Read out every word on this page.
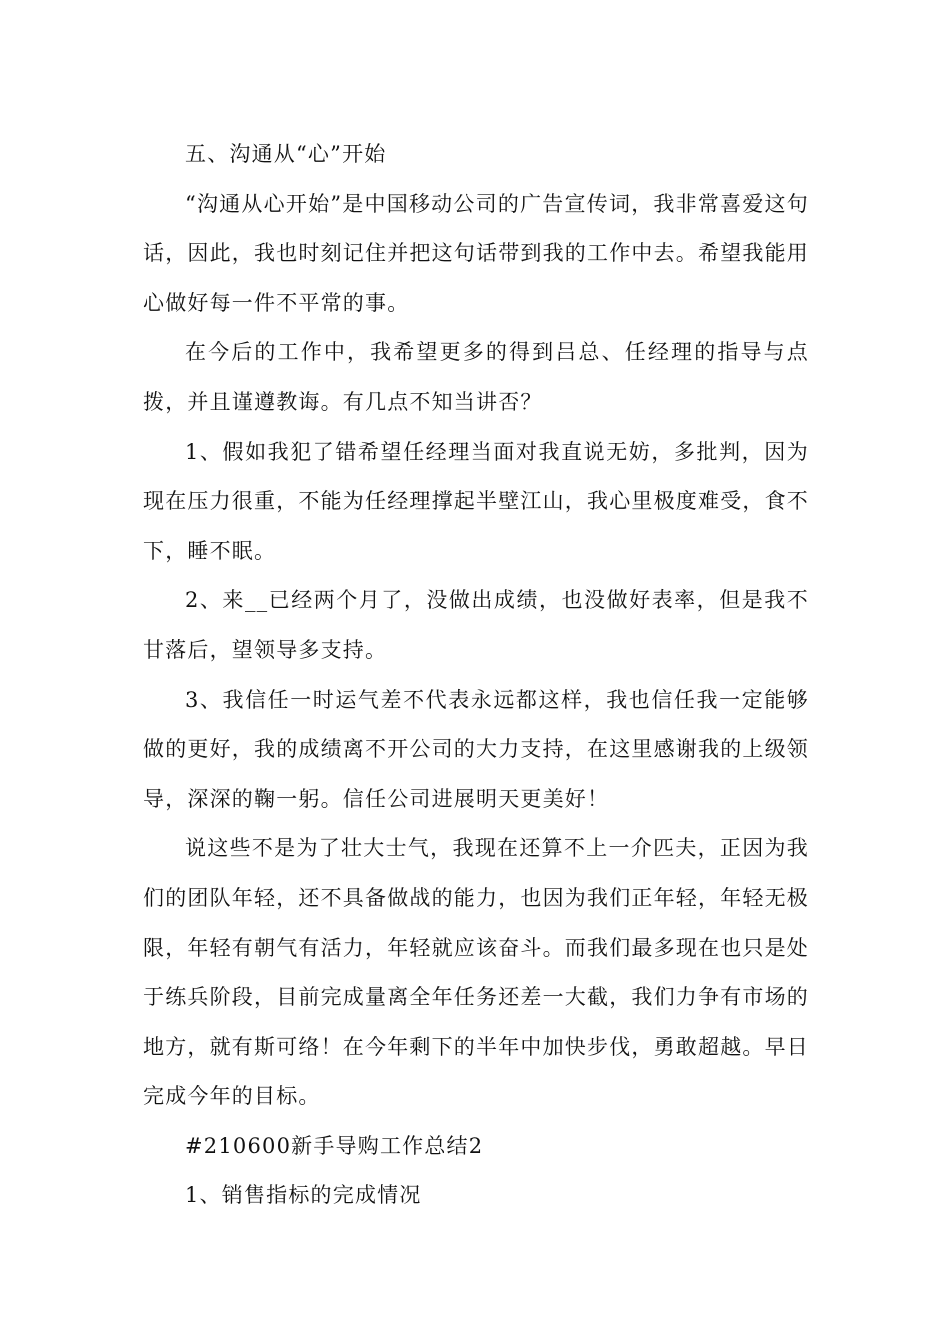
五、沟通从“心”开始

“沟通从心开始”是中国移动公司的广告宣传词，我非常喜爱这句话，因此，我也时刻记住并把这句话带到我的工作中去。希望我能用心做好每一件不平常的事。

在今后的工作中，我希望更多的得到吕总、任经理的指导与点拨，并且谨遵教诲。有几点不知当讲否？

1、假如我犯了错希望任经理当面对我直说无妨，多批判，因为现在压力很重，不能为任经理撑起半壁江山，我心里极度难受，食不下，睡不眠。

2、来__已经两个月了，没做出成绩，也没做好表率，但是我不甘落后，望领导多支持。

3、我信任一时运气差不代表永远都这样，我也信任我一定能够做的更好，我的成绩离不开公司的大力支持，在这里感谢我的上级领导，深深的鞠一躬。信任公司进展明天更美好！

说这些不是为了壮大士气，我现在还算不上一介匹夫，正因为我们的团队年轻，还不具备做战的能力，也因为我们正年轻，年轻无极限，年轻有朝气有活力，年轻就应该奋斗。而我们最多现在也只是处于练兵阶段，目前完成量离全年任务还差一大截，我们力争有市场的地方，就有斯可络！在今年剩下的半年中加快步伐，勇敢超越。早日完成今年的目标。

#210600新手导购工作总结2

1、销售指标的完成情况
